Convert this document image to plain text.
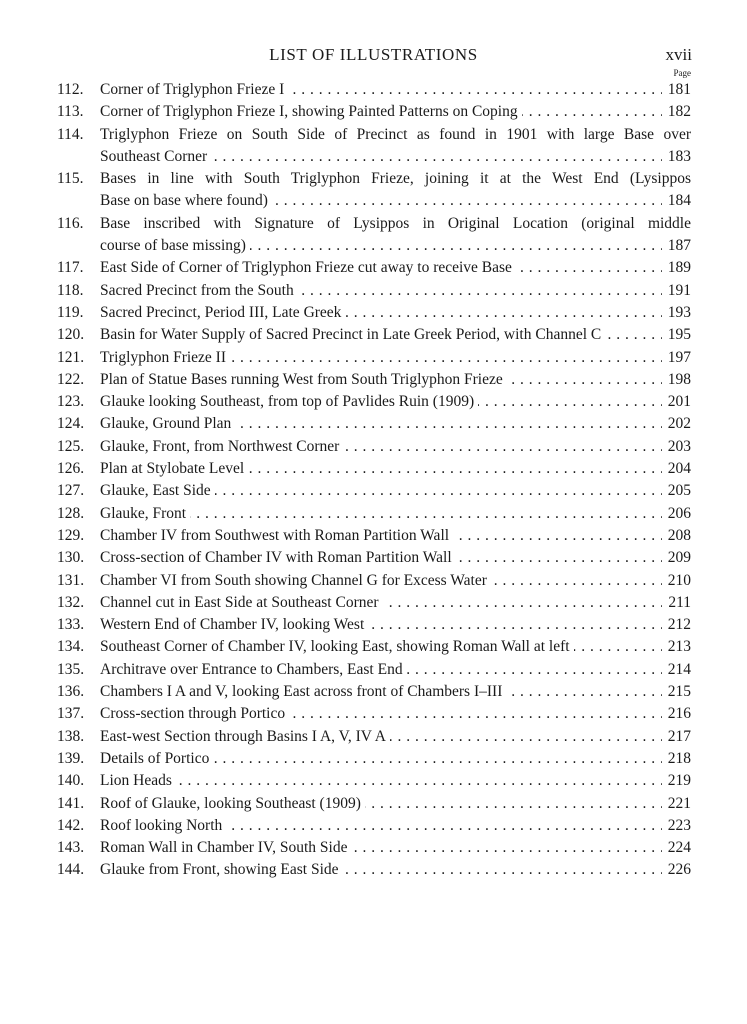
LIST OF ILLUSTRATIONS	xvii
Page
112.	. . . Corner of Triglyphon Frieze I	181
113.	. . . Corner of Triglyphon Frieze I, showing Painted Patterns on Coping	182
114.	Triglyphon Frieze on South Side of Precinct as found in 1901 with large Base over
. . . Southeast Corner	183
115.	Bases in line with South Triglyphon Frieze, joining it at the West End (Lysippos
. . . Base on base where found)	184
116.	Base inscribed with Signature of Lysippos in Original Location (original middle
. . . course of base missing)	187
117.	. . . East Side of Corner of Triglyphon Frieze cut away to receive Base	189
118.	. . . Sacred Precinct from the South	191
119.	. . . Sacred Precinct, Period III, Late Greek	193
120.	. . . Basin for Water Supply of Sacred Precinct in Late Greek Period, with Channel C	195
121.	. . . Triglyphon Frieze II	197
122.	. . . Plan of Statue Bases running West from South Triglyphon Frieze	198
123.	. . . Glauke looking Southeast, from top of Pavlides Ruin (1909)	201
124.	. . . Glauke, Ground Plan	202
125.	. . . Glauke, Front, from Northwest Corner	203
126.	. . . Plan at Stylobate Level	204
127.	. . . Glauke, East Side	205
128.	. . . Glauke, Front	206
129.	. . . Chamber IV from Southwest with Roman Partition Wall	208
130.	. . . Cross-section of Chamber IV with Roman Partition Wall	209
131.	. . . Chamber VI from South showing Channel G for Excess Water	210
132.	. . . Channel cut in East Side at Southeast Corner	211
133.	. . . Western End of Chamber IV, looking West	212
134.	. . . Southeast Corner of Chamber IV, looking East, showing Roman Wall at left	213
135.	. . . Architrave over Entrance to Chambers, East End	214
136.	. . . Chambers I A and V, looking East across front of Chambers I–III	215
137.	. . . Cross-section through Portico	216
138.	. . . East-west Section through Basins I A, V, IV A	217
139.	. . . Details of Portico	218
140.	. . . Lion Heads	219
141.	. . . Roof of Glauke, looking Southeast (1909)	221
142.	. . . Roof looking North	223
143.	. . . Roman Wall in Chamber IV, South Side	224
144.	. . . Glauke from Front, showing East Side	226
